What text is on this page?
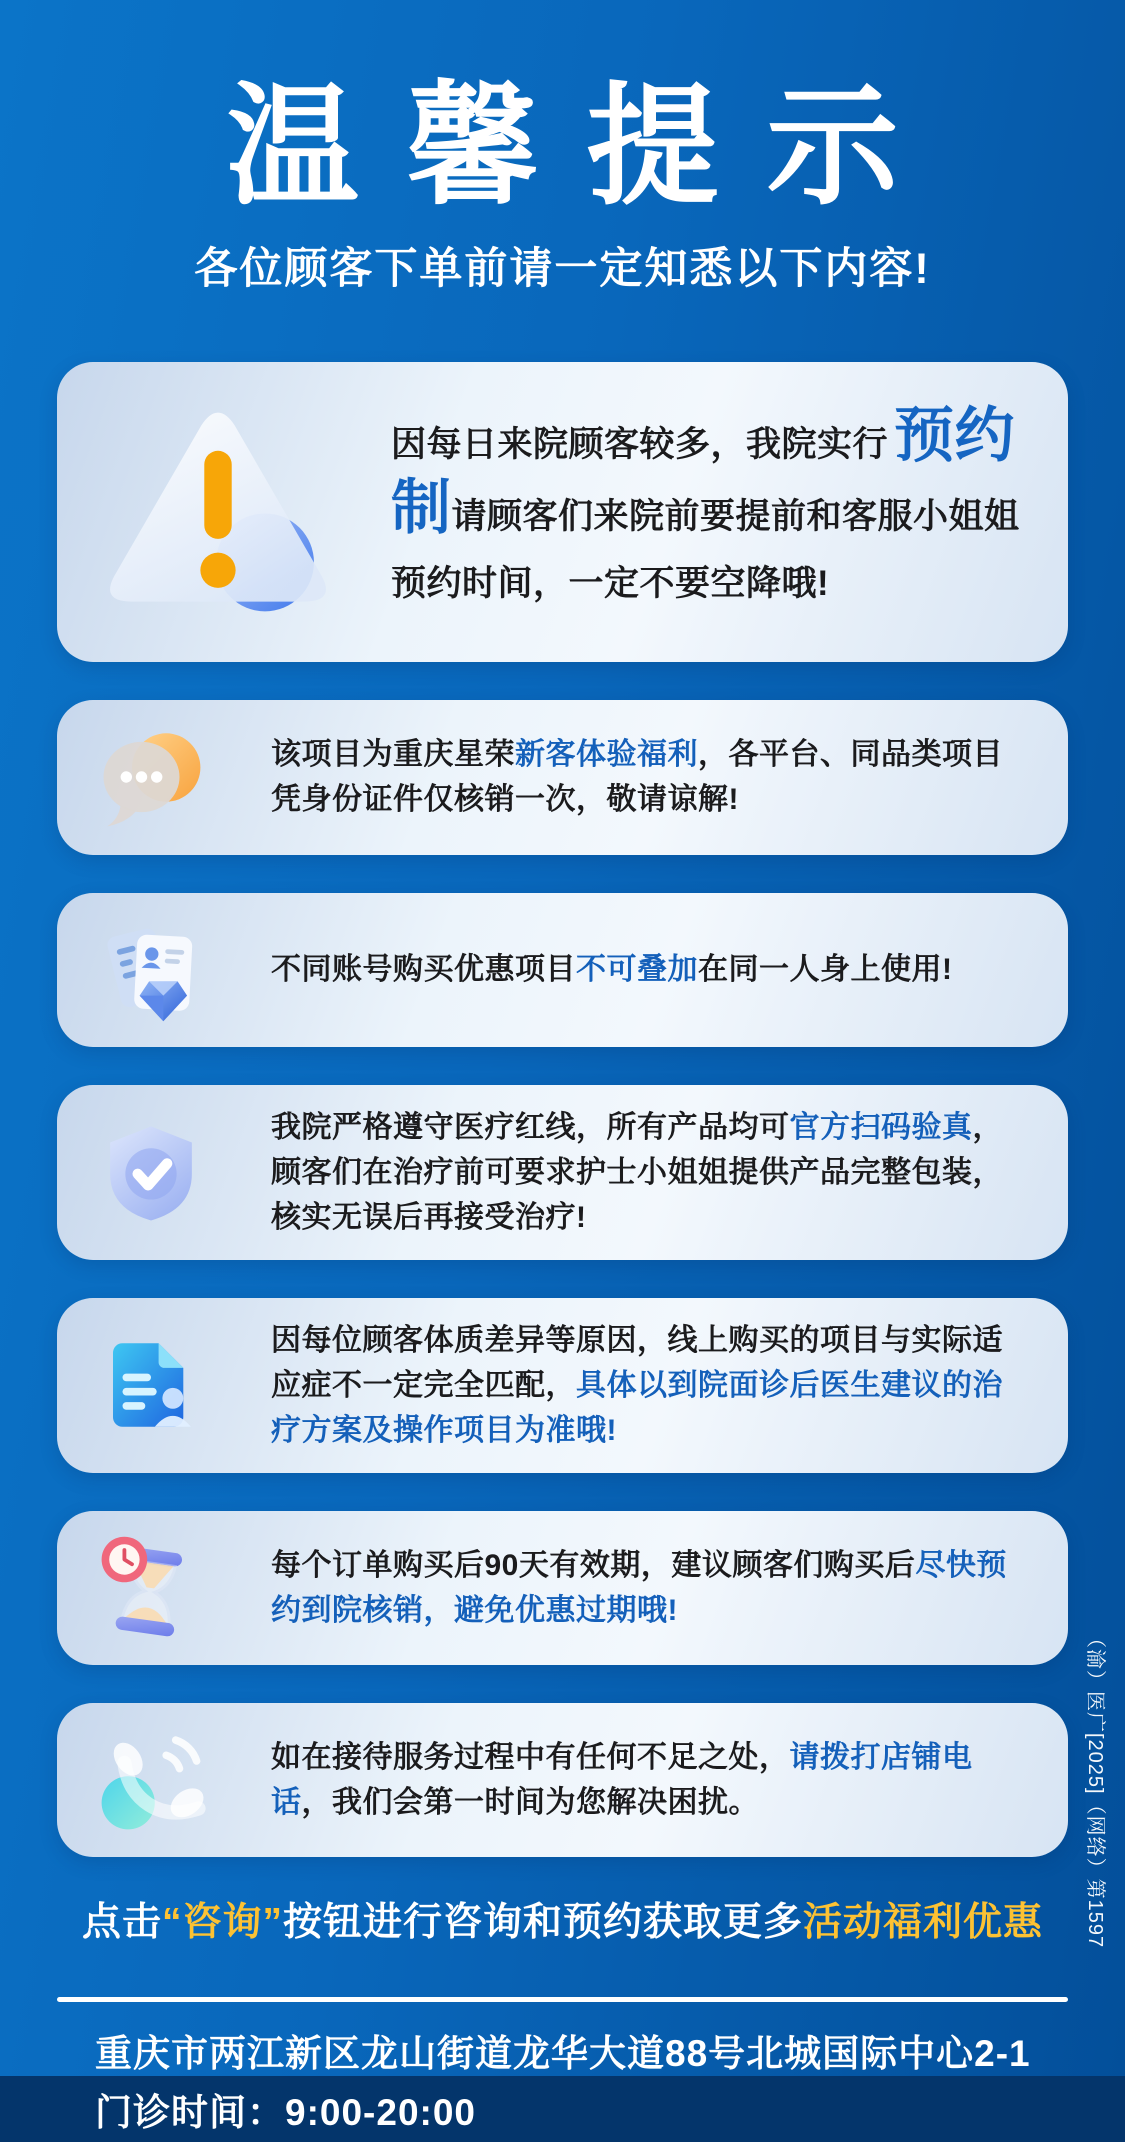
温馨提示
各位顾客下单前请一定知悉以下内容!

因每日来院顾客较多，我院实行 预约制请顾客们来院前要提前和客服小姐姐预约时间，一定不要空降哦!

该项目为重庆星荣新客体验福利，各平台、同品类项目凭身份证件仅核销一次，敬请谅解!

不同账号购买优惠项目不可叠加在同一人身上使用!

我院严格遵守医疗红线，所有产品均可官方扫码验真，顾客们在治疗前可要求护士小姐姐提供产品完整包装，核实无误后再接受治疗!

因每位顾客体质差异等原因，线上购买的项目与实际适应症不一定完全匹配，具体以到院面诊后医生建议的治疗方案及操作项目为准哦!

每个订单购买后90天有效期，建议顾客们购买后尽快预约到院核销，避免优惠过期哦!

如在接待服务过程中有任何不足之处，请拨打店铺电话，我们会第一时间为您解决困扰。

点击“咨询”按钮进行咨询和预约获取更多活动福利优惠
重庆市两江新区龙山街道龙华大道88号北城国际中心2-1
门诊时间：9:00-20:00
（渝）医广[2025]（网络）第1597
